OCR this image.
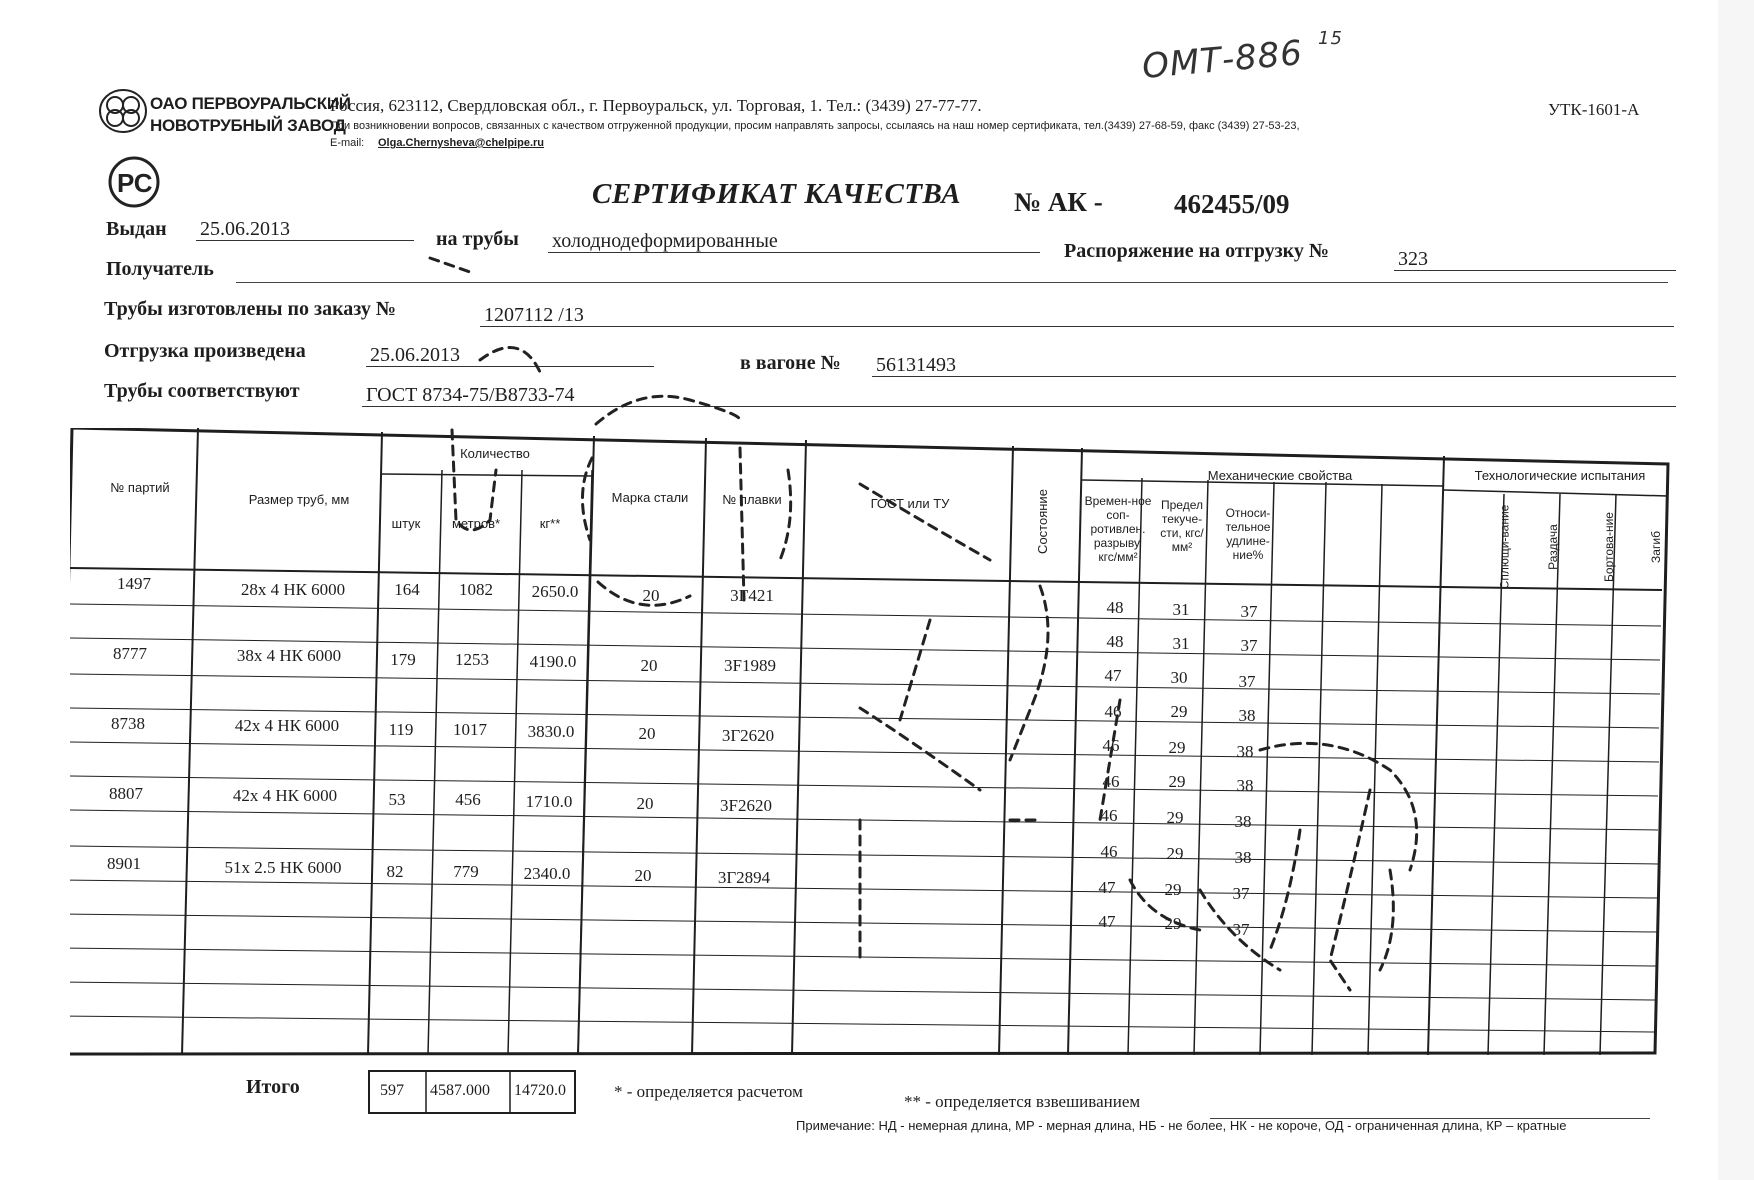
ОМТ-886 15
ОАО ПЕРВОУРАЛЬСКИЙ
НОВОТРУБНЫЙ ЗАВОД
РС
Россия, 623112, Свердловская обл., г. Первоуральск, ул. Торговая, 1. Тел.: (3439) 27-77-77.
При возникновении вопросов, связанных с качеством отгруженной продукции, просим направлять запросы, ссылаясь на наш номер сертификата, тел.(3439) 27-68-59, факс (3439) 27-53-23,
E-mail: Olga.Chernysheva@chelpipe.ru
УТК-1601-А
СЕРТИФИКАТ КАЧЕСТВА № АК -	462455/09
Выдан 25.06.2013	на трубы холоднодеформированные	Распоряжение на отгрузку №	323
Получатель
Трубы изготовлены по заказу №	1207112 /13
Отгрузка произведена	25.06.2013	в вагоне № 56131493
Трубы соответствуют	ГОСТ 8734-75/В8733-74
№ партий
Размер труб, мм
Количество
штук	метров*	кг**
Марка стали	№ плавки	ГОСТ или ТУ	Состояние
Механические свойства
Времен-ное соп-ротивлен. разрыву, кгс/мм²
Предел текуче-сти, кгс/мм²
Относи-тельное удлине-ние%
Технологические испытания
Сплющи-вание	Раздача	Бортова-ние	Загиб
1497	28х 4 НК 6000	164	1082	2650.0	20	3Г421
8777	38х 4 НК 6000	179	1253	4190.0	20	3F1989
8738	42х 4 НК 6000	119	1017	3830.0	20	3Г2620
8807	42х 4 НК 6000	53	456	1710.0	20	3F2620
8901	51х 2.5 НК 6000	82	779	2340.0	20	3Г2894
48	31	37
48	31	37
47	30	37
46	29	38
46	29	38
46	29	38
46	29	38
46	29	38
47	29	37
47	29	37
Итого	597 4587.000 14720.0	* - определяется расчетом
** - определяется взвешиванием
Примечание: НД - немерная длина, МР - мерная длина, НБ - не более, НК - не короче, ОД - ограниченная длина, КР – кратные
